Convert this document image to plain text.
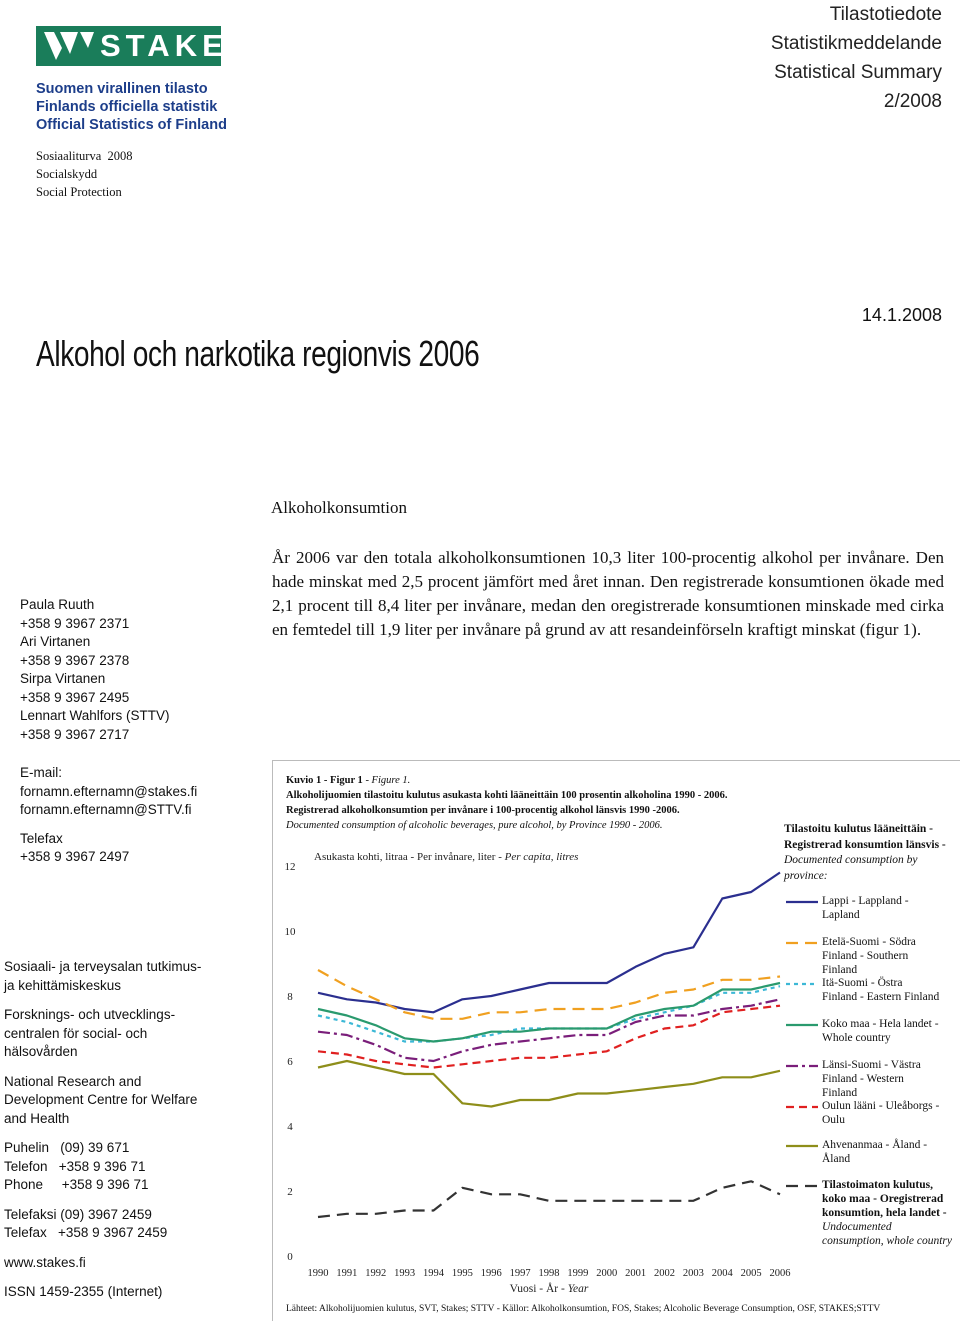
STAKES
Suomen virallinen tilasto
Finlands officiella statistik
Official Statistics of Finland
Tilastotiedote
Statistikmeddelande
Statistical Summary
2/2008
Sosiaaliturva  2008
Socialskydd
Social Protection
14.1.2008
Alkohol och narkotika regionvis 2006
Alkoholkonsumtion
År 2006 var den totala alkoholkonsumtionen 10,3 liter 100-procentig alkohol per invånare. Den hade minskat med 2,5 procent jämfört med året innan. Den registrerade konsumtionen ökade med 2,1 procent till 8,4 liter per invånare, medan den oregistrerade konsumtionen minskade med cirka en femtedel till 1,9 liter per invånare på grund av att resandeinförseln kraftigt minskat (figur 1).
Paula Ruuth
+358 9 3967 2371
Ari Virtanen
+358 9 3967 2378
Sirpa Virtanen
+358 9 3967 2495
Lennart Wahlfors (STTV)
+358 9 3967 2717
E-mail:
fornamn.efternamn@stakes.fi
fornamn.efternamn@STTV.fi
Telefax
+358 9 3967 2497
Sosiaali- ja terveysalan tutkimus-
ja kehittämiskeskus
Forsknings- och utvecklings-
centralen för social- och
hälsovården
National Research and
Development Centre for Welfare
and Health
Puhelin   (09) 39 671
Telefon   +358 9 396 71
Phone     +358 9 396 71
Telefaksi (09) 3967 2459
Telefax   +358 9 3967 2459
www.stakes.fi
ISSN 1459-2355 (Internet)
Kuvio 1 - Figur 1 - Figure 1.
Alkoholijuomien tilastoitu kulutus asukasta kohti lääneittäin 100 prosentin alkoholina 1990 - 2006.
Registrerad alkoholkonsumtion per invånare i 100-procentig alkohol länsvis 1990 -2006.
Documented consumption of alcoholic beverages, pure alcohol, by Province 1990 - 2006.	Tilastoitu kulutus lääneittäin - Registrerad konsumtion länsvis -
Documented consumption by province:
0
2
4
6
8
10
12
Asukasta kohti, litraa - Per invånare, liter - Per capita, litres
1990 1991 1992 1993 1994 1995 1996 1997 1998 1999 2000 2001 2002 2003 2004 2005 2006
Vuosi - År - Year
Lappi - Lappland - Lapland
Etelä-Suomi - Södra Finland - Southern Finland
Itä-Suomi - Östra Finland - Eastern Finland
Koko maa - Hela landet - Whole country
Länsi-Suomi - Västra Finland - Western Finland
Oulun lääni - Uleåborgs - Oulu
Ahvenanmaa - Åland - Åland
Tilastoimaton kulutus, koko maa - Oregistrerad konsumtion, hela landet -
Undocumented consumption, whole country
Lähteet: Alkoholijuomien kulutus, SVT, Stakes; STTV - Källor: Alkoholkonsumtion, FOS, Stakes; Alcoholic Beverage Consumption, OSF, STAKES;STTV
